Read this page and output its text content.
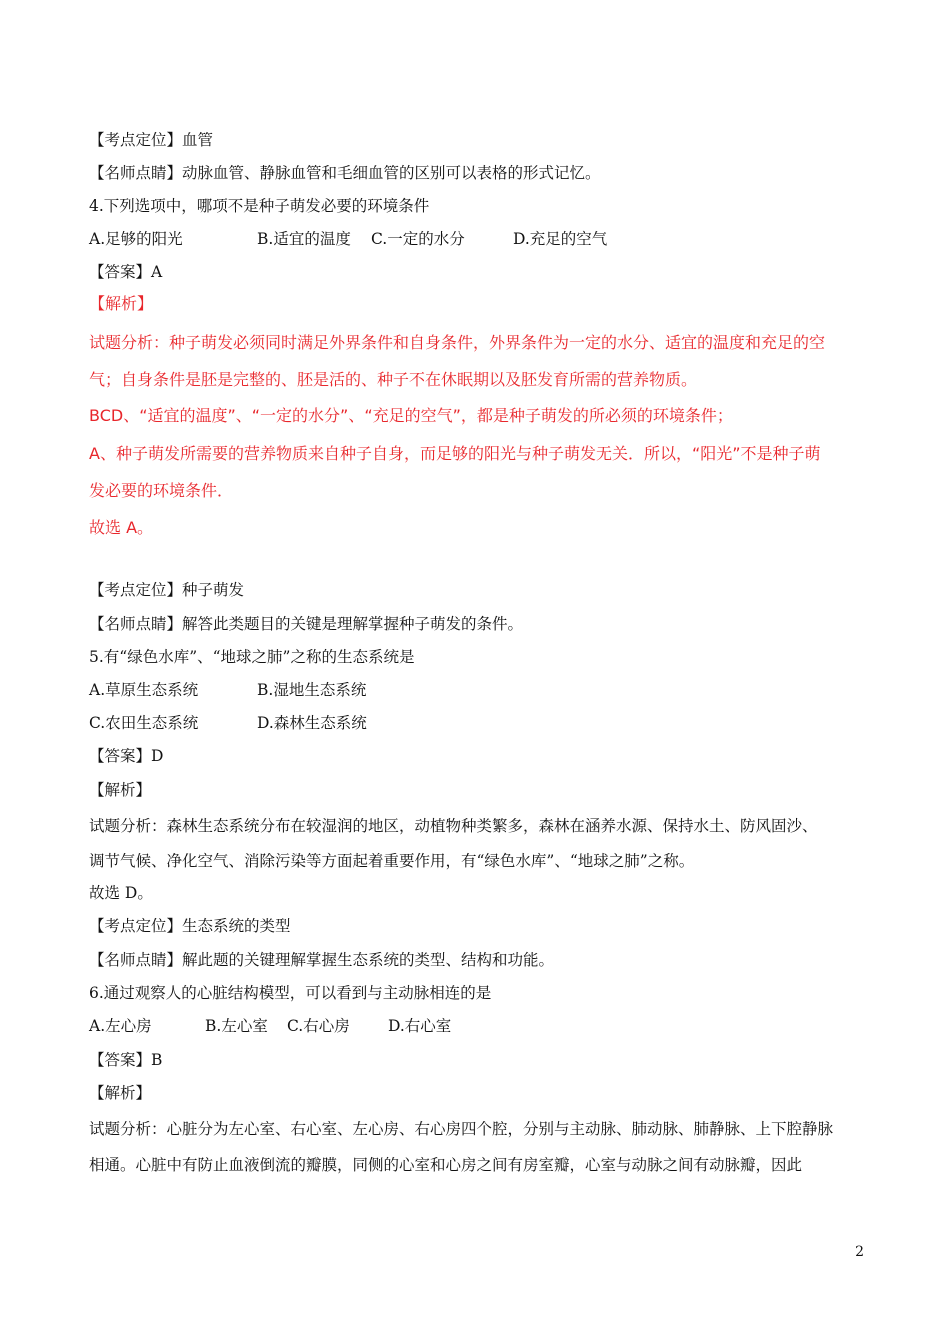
【考点定位】血管
【名师点睛】动脉血管、静脉血管和毛细血管的区别可以表格的形式记忆。
4.下列选项中，哪项不是种子萌发必要的环境条件
A.足够的阳光	B.适宜的温度 C.一定的水分	D.充足的空气
【答案】A
【解析】
试题分析：种子萌发必须同时满足外界条件和自身条件，外界条件为一定的水分、适宜的温度和充足的空
气；自身条件是胚是完整的、胚是活的、种子不在休眠期以及胚发育所需的营养物质。
BCD、“适宜的温度”、“一定的水分”、“充足的空气”，都是种子萌发的所必须的环境条件；
A、种子萌发所需要的营养物质来自种子自身，而足够的阳光与种子萌发无关．所以，“阳光”不是种子萌
发必要的环境条件．
故选 A。
【考点定位】种子萌发
【名师点睛】解答此类题目的关键是理解掌握种子萌发的条件。
5.有“绿色水库”、“地球之肺”之称的生态系统是
A.草原生态系统	B.湿地生态系统
C.农田生态系统	D.森林生态系统
【答案】D
【解析】
试题分析：森林生态系统分布在较湿润的地区，动植物种类繁多，森林在涵养水源、保持水土、防风固沙、
调节气候、净化空气、消除污染等方面起着重要作用，有“绿色水库”、“地球之肺”之称。
故选 D。
【考点定位】生态系统的类型
【名师点睛】解此题的关键理解掌握生态系统的类型、结构和功能。
6.通过观察人的心脏结构模型，可以看到与主动脉相连的是
A.左心房	B.左心室 C.右心房 D.右心室
【答案】B
【解析】
试题分析：心脏分为左心室、右心室、左心房、右心房四个腔，分别与主动脉、肺动脉、肺静脉、上下腔静脉
相通。心脏中有防止血液倒流的瓣膜，同侧的心室和心房之间有房室瓣，心室与动脉之间有动脉瓣，因此
2
